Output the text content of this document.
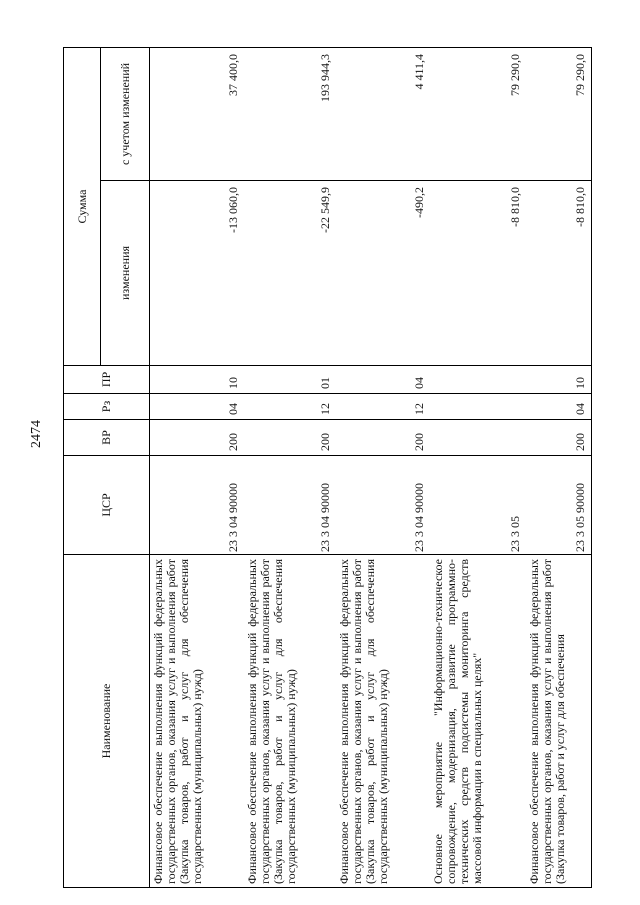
2474
Наименование	ЦСР	ВР	Рз	ПР	Сумма	
					изменения	с учетом изменений
Финансовое обеспечение выполнения функций федеральных государственных органов, оказания услуг и выполнения работ (Закупка товаров, работ и услуг для обеспечения государственных (муниципальных) нужд)	23 3 04 90000	200	04	10	-13 060,0	37 400,0
Финансовое обеспечение выполнения функций федеральных государственных органов, оказания услуг и выполнения работ (Закупка товаров, работ и услуг для обеспечения государственных (муниципальных) нужд)	23 3 04 90000	200	12	01	-22 549,9	193 944,3
Финансовое обеспечение выполнения функций федеральных государственных органов, оказания услуг и выполнения работ (Закупка товаров, работ и услуг для обеспечения государственных (муниципальных) нужд)	23 3 04 90000	200	12	04	-490,2	4 411,4
Основное мероприятие "Информационно-техническое сопровождение, модернизация, развитие программно-технических средств подсистемы мониторинга средств массовой информации в специальных целях"	23 3 05				-8 810,0	79 290,0
Финансовое обеспечение выполнения функций федеральных государственных органов, оказания услуг и выполнения работ (Закупка товаров, работ и услуг для обеспечения	23 3 05 90000	200	04	10	-8 810,0	79 290,0
